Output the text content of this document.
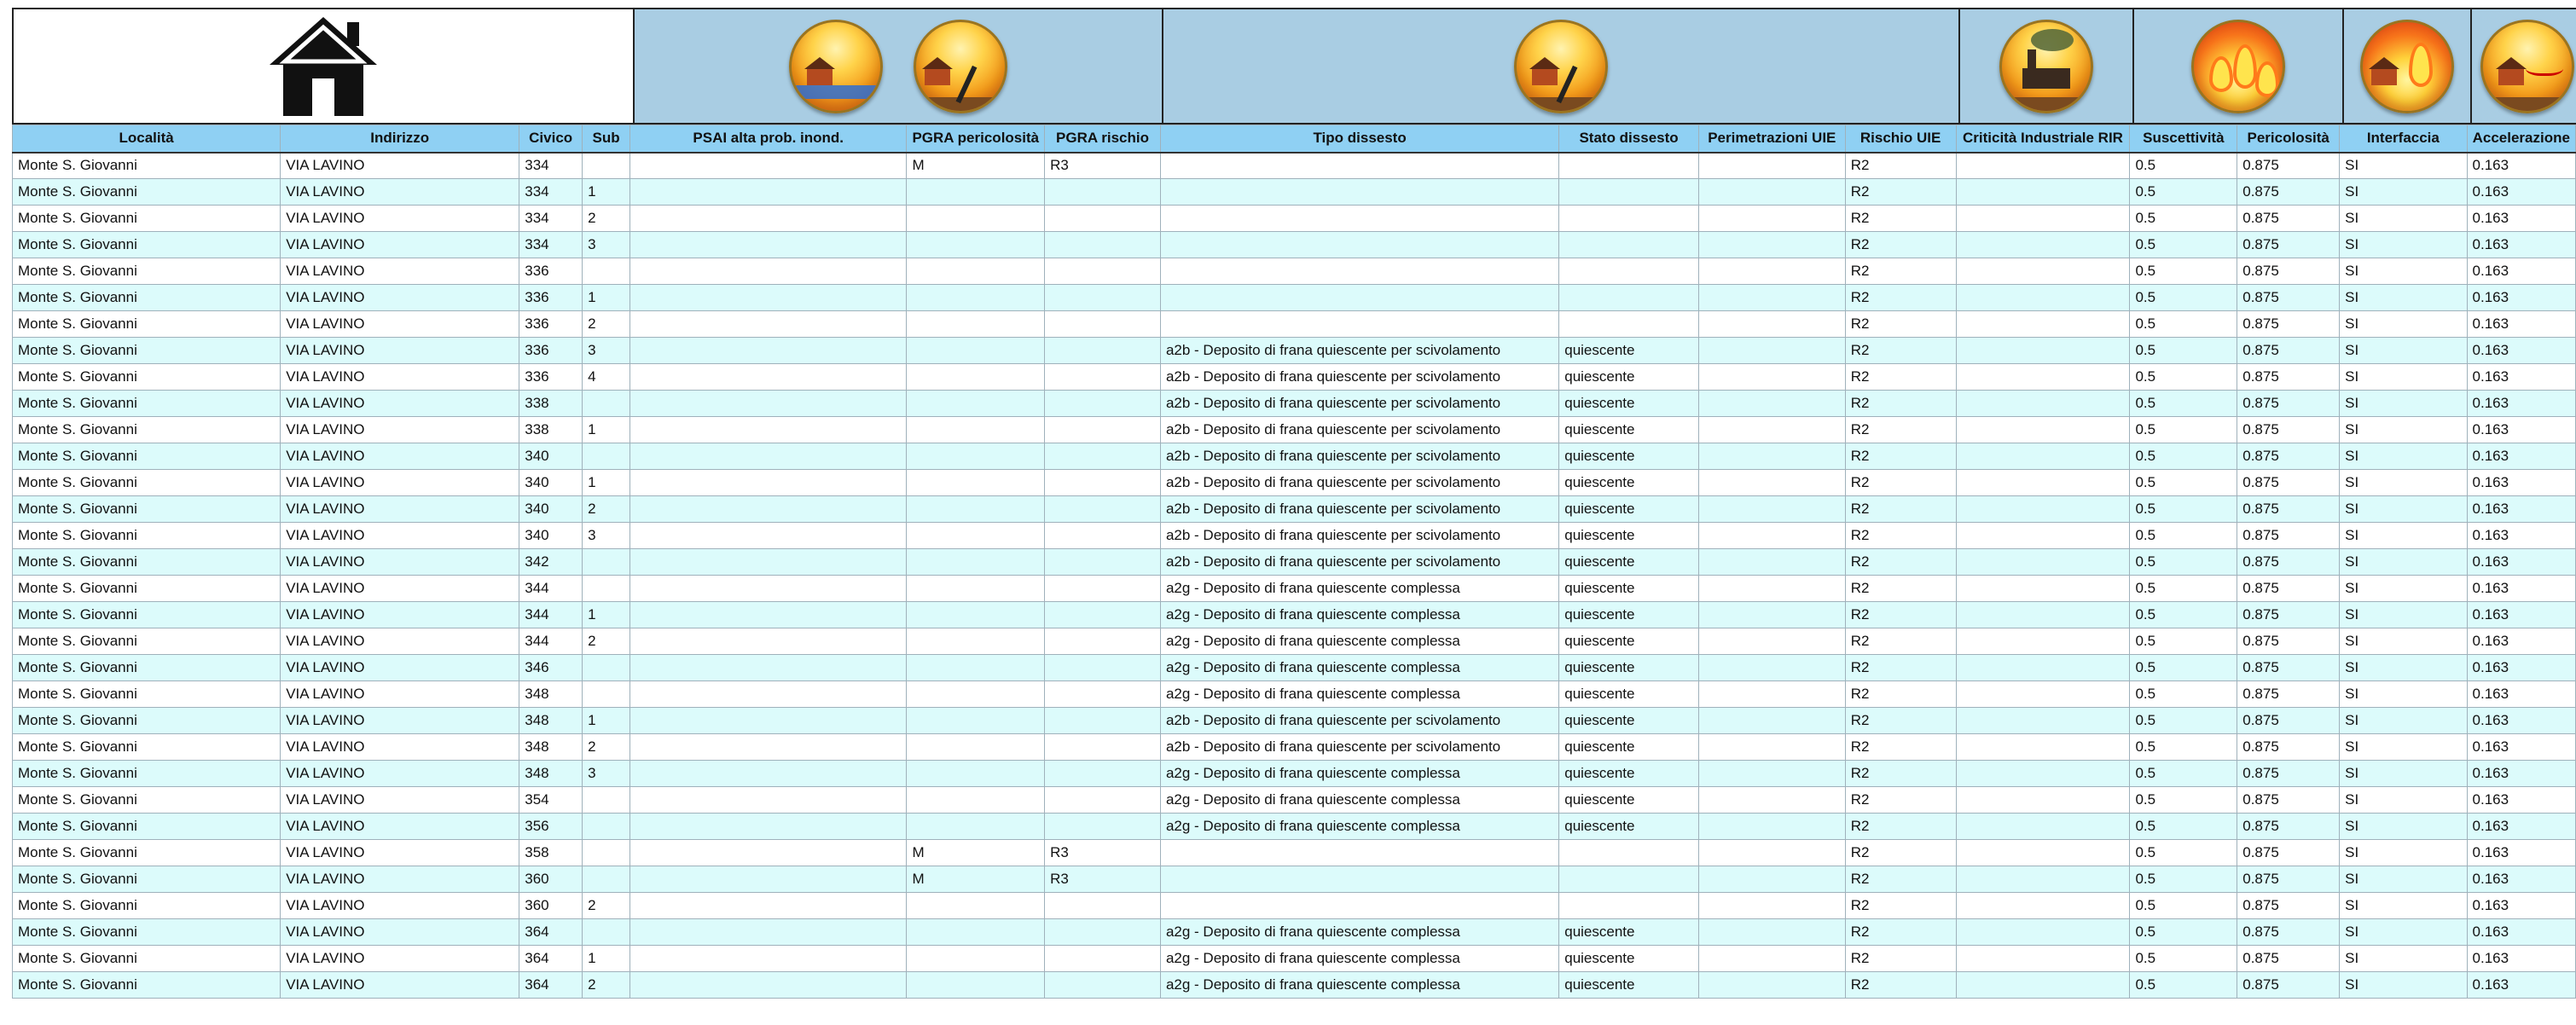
Località	Indirizzo	Civico	Sub	PSAI alta prob. inond.	PGRA pericolosità	PGRA rischio	Tipo dissesto	Stato dissesto	Perimetrazioni UIE	Rischio UIE	Criticità Industriale RIR	Suscettività	Pericolosità	Interfaccia	Accelerazione
Monte S. Giovanni	VIA LAVINO	334			M	R3				R2		0.5	0.875	SI	0.163
Monte S. Giovanni	VIA LAVINO	334	1							R2		0.5	0.875	SI	0.163
Monte S. Giovanni	VIA LAVINO	334	2							R2		0.5	0.875	SI	0.163
Monte S. Giovanni	VIA LAVINO	334	3							R2		0.5	0.875	SI	0.163
Monte S. Giovanni	VIA LAVINO	336								R2		0.5	0.875	SI	0.163
Monte S. Giovanni	VIA LAVINO	336	1							R2		0.5	0.875	SI	0.163
Monte S. Giovanni	VIA LAVINO	336	2							R2		0.5	0.875	SI	0.163
Monte S. Giovanni	VIA LAVINO	336	3				a2b - Deposito di frana quiescente per scivolamento	quiescente		R2		0.5	0.875	SI	0.163
Monte S. Giovanni	VIA LAVINO	336	4				a2b - Deposito di frana quiescente per scivolamento	quiescente		R2		0.5	0.875	SI	0.163
Monte S. Giovanni	VIA LAVINO	338					a2b - Deposito di frana quiescente per scivolamento	quiescente		R2		0.5	0.875	SI	0.163
Monte S. Giovanni	VIA LAVINO	338	1				a2b - Deposito di frana quiescente per scivolamento	quiescente		R2		0.5	0.875	SI	0.163
Monte S. Giovanni	VIA LAVINO	340					a2b - Deposito di frana quiescente per scivolamento	quiescente		R2		0.5	0.875	SI	0.163
Monte S. Giovanni	VIA LAVINO	340	1				a2b - Deposito di frana quiescente per scivolamento	quiescente		R2		0.5	0.875	SI	0.163
Monte S. Giovanni	VIA LAVINO	340	2				a2b - Deposito di frana quiescente per scivolamento	quiescente		R2		0.5	0.875	SI	0.163
Monte S. Giovanni	VIA LAVINO	340	3				a2b - Deposito di frana quiescente per scivolamento	quiescente		R2		0.5	0.875	SI	0.163
Monte S. Giovanni	VIA LAVINO	342					a2b - Deposito di frana quiescente per scivolamento	quiescente		R2		0.5	0.875	SI	0.163
Monte S. Giovanni	VIA LAVINO	344					a2g - Deposito di frana quiescente complessa	quiescente		R2		0.5	0.875	SI	0.163
Monte S. Giovanni	VIA LAVINO	344	1				a2g - Deposito di frana quiescente complessa	quiescente		R2		0.5	0.875	SI	0.163
Monte S. Giovanni	VIA LAVINO	344	2				a2g - Deposito di frana quiescente complessa	quiescente		R2		0.5	0.875	SI	0.163
Monte S. Giovanni	VIA LAVINO	346					a2g - Deposito di frana quiescente complessa	quiescente		R2		0.5	0.875	SI	0.163
Monte S. Giovanni	VIA LAVINO	348					a2g - Deposito di frana quiescente complessa	quiescente		R2		0.5	0.875	SI	0.163
Monte S. Giovanni	VIA LAVINO	348	1				a2b - Deposito di frana quiescente per scivolamento	quiescente		R2		0.5	0.875	SI	0.163
Monte S. Giovanni	VIA LAVINO	348	2				a2b - Deposito di frana quiescente per scivolamento	quiescente		R2		0.5	0.875	SI	0.163
Monte S. Giovanni	VIA LAVINO	348	3				a2g - Deposito di frana quiescente complessa	quiescente		R2		0.5	0.875	SI	0.163
Monte S. Giovanni	VIA LAVINO	354					a2g - Deposito di frana quiescente complessa	quiescente		R2		0.5	0.875	SI	0.163
Monte S. Giovanni	VIA LAVINO	356					a2g - Deposito di frana quiescente complessa	quiescente		R2		0.5	0.875	SI	0.163
Monte S. Giovanni	VIA LAVINO	358			M	R3				R2		0.5	0.875	SI	0.163
Monte S. Giovanni	VIA LAVINO	360			M	R3				R2		0.5	0.875	SI	0.163
Monte S. Giovanni	VIA LAVINO	360	2							R2		0.5	0.875	SI	0.163
Monte S. Giovanni	VIA LAVINO	364					a2g - Deposito di frana quiescente complessa	quiescente		R2		0.5	0.875	SI	0.163
Monte S. Giovanni	VIA LAVINO	364	1				a2g - Deposito di frana quiescente complessa	quiescente		R2		0.5	0.875	SI	0.163
Monte S. Giovanni	VIA LAVINO	364	2				a2g - Deposito di frana quiescente complessa	quiescente		R2		0.5	0.875	SI	0.163
